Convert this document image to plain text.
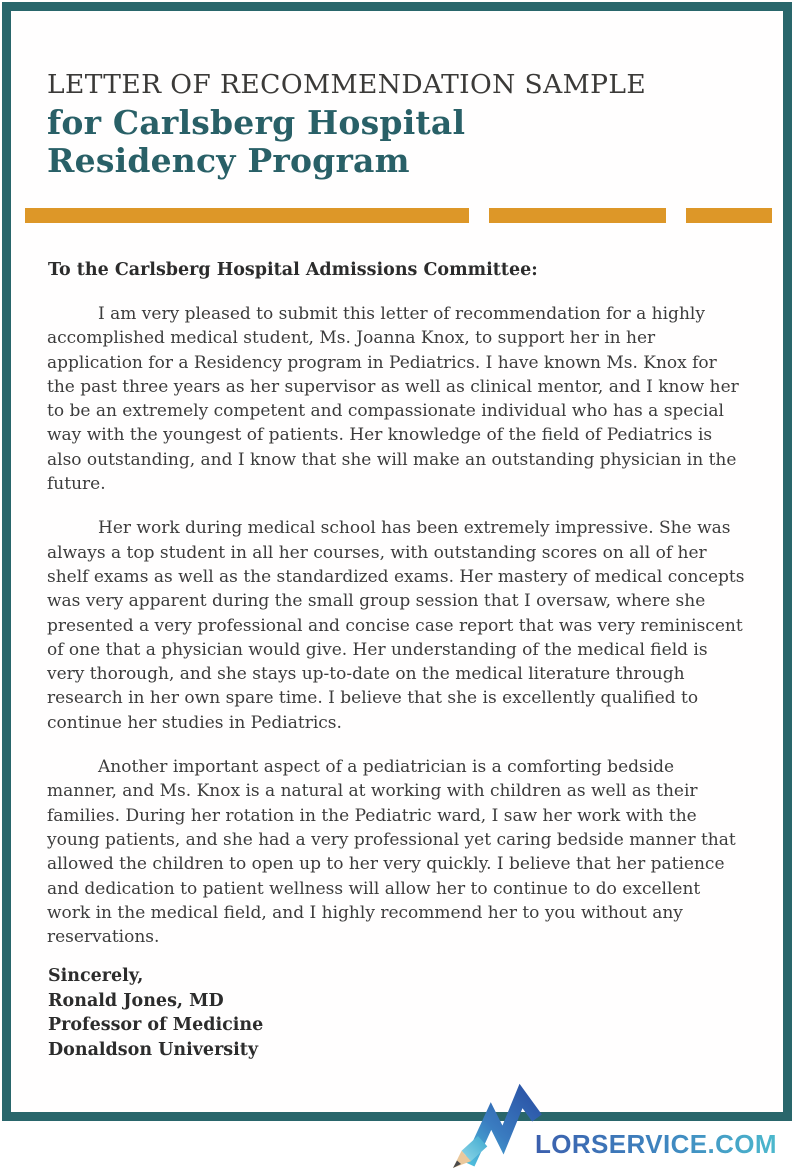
LETTER OF RECOMMENDATION SAMPLE
for Carlsberg Hospital
Residency Program
To the Carlsberg Hospital Admissions Committee:

I am very pleased to submit this letter of recommendation for a highly accomplished medical student, Ms. Joanna Knox, to support her in her application for a Residency program in Pediatrics. I have known Ms. Knox for the past three years as her supervisor as well as clinical mentor, and I know her to be an extremely competent and compassionate individual who has a special way with the youngest of patients. Her knowledge of the field of Pediatrics is also outstanding, and I know that she will make an outstanding physician in the future.

Her work during medical school has been extremely impressive. She was always a top student in all her courses, with outstanding scores on all of her shelf exams as well as the standardized exams. Her mastery of medical concepts was very apparent during the small group session that I oversaw, where she presented a very professional and concise case report that was very reminiscent of one that a physician would give. Her understanding of the medical field is very thorough, and she stays up-to-date on the medical literature through research in her own spare time. I believe that she is excellently qualified to continue her studies in Pediatrics.

Another important aspect of a pediatrician is a comforting bedside manner, and Ms. Knox is a natural at working with children as well as their families. During her rotation in the Pediatric ward, I saw her work with the young patients, and she had a very professional yet caring bedside manner that allowed the children to open up to her very quickly. I believe that her patience and dedication to patient wellness will allow her to continue to do excellent work in the medical field, and I highly recommend her to you without any reservations.

Sincerely,
Ronald Jones, MD
Professor of Medicine
Donaldson University
LORSERVICE.COM
